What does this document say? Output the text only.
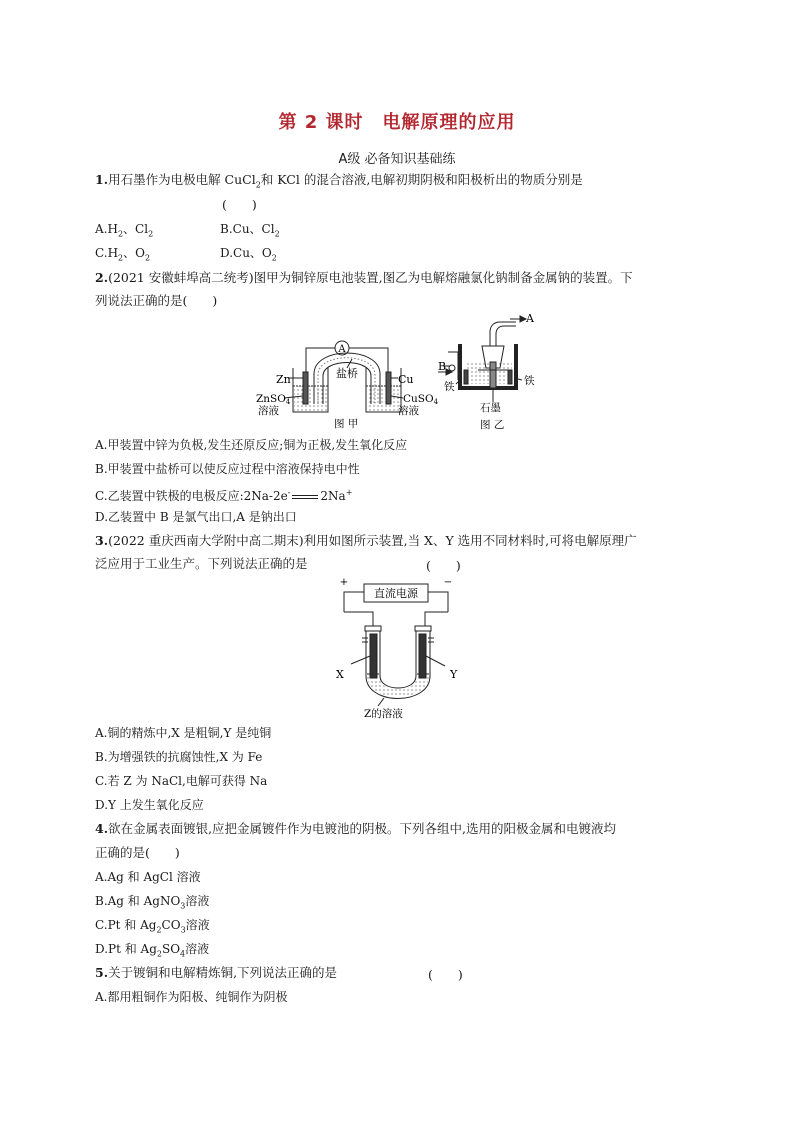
第 2 课时　电解原理的应用
A级 必备知识基础练
1.用石墨作为电极电解 CuCl$_2$和 KCl 的混合溶液,电解初期阴极和阳极析出的物质分别是
(　　)
$A.H_2$、$Cl_2$	B.Cu、$Cl_2$
$C.H_2$、$O_2$	D.Cu、$O_2$
2.(2021 安徽蚌埠高二统考)图甲为铜锌原电池装置,图乙为电解熔融氯化钠制备金属钠的装置。下
列说法正确的是(　　)
A
盐桥
Zn	Cu
ZnSO4
溶液
CuSO4
溶液
图 甲
A
B
铁	铁
石墨
图 乙
A.甲装置中锌为负极,发生还原反应;铜为正极,发生氧化反应
B.甲装置中盐桥可以使反应过程中溶液保持电中性
C.乙装置中铁极的电极反应:2Na-2e-	2Na+
D.乙装置中 B 是氯气出口,A 是钠出口
3.(2022 重庆西南大学附中高二期末)利用如图所示装置,当 X、Y 选用不同材料时,可将电解原理广
泛应用于工业生产。下列说法正确的是	(　　)
+	−
直流电源
X	Y
Z的溶液
A.铜的精炼中,X 是粗铜,Y 是纯铜
B.为增强铁的抗腐蚀性,X 为 Fe
C.若 Z 为 NaCl,电解可获得 Na
D.Y 上发生氧化反应
4.欲在金属表面镀银,应把金属镀件作为电镀池的阴极。下列各组中,选用的阳极金属和电镀液均
正确的是(　　)
A.Ag 和 AgCl 溶液
B.Ag 和 AgNO$_3$溶液
C.Pt 和 $Ag_2CO_3$溶液
D.Pt 和 $Ag_2SO_4$溶液
5.关于镀铜和电解精炼铜,下列说法正确的是	(　　)
A.都用粗铜作为阳极、纯铜作为阴极
